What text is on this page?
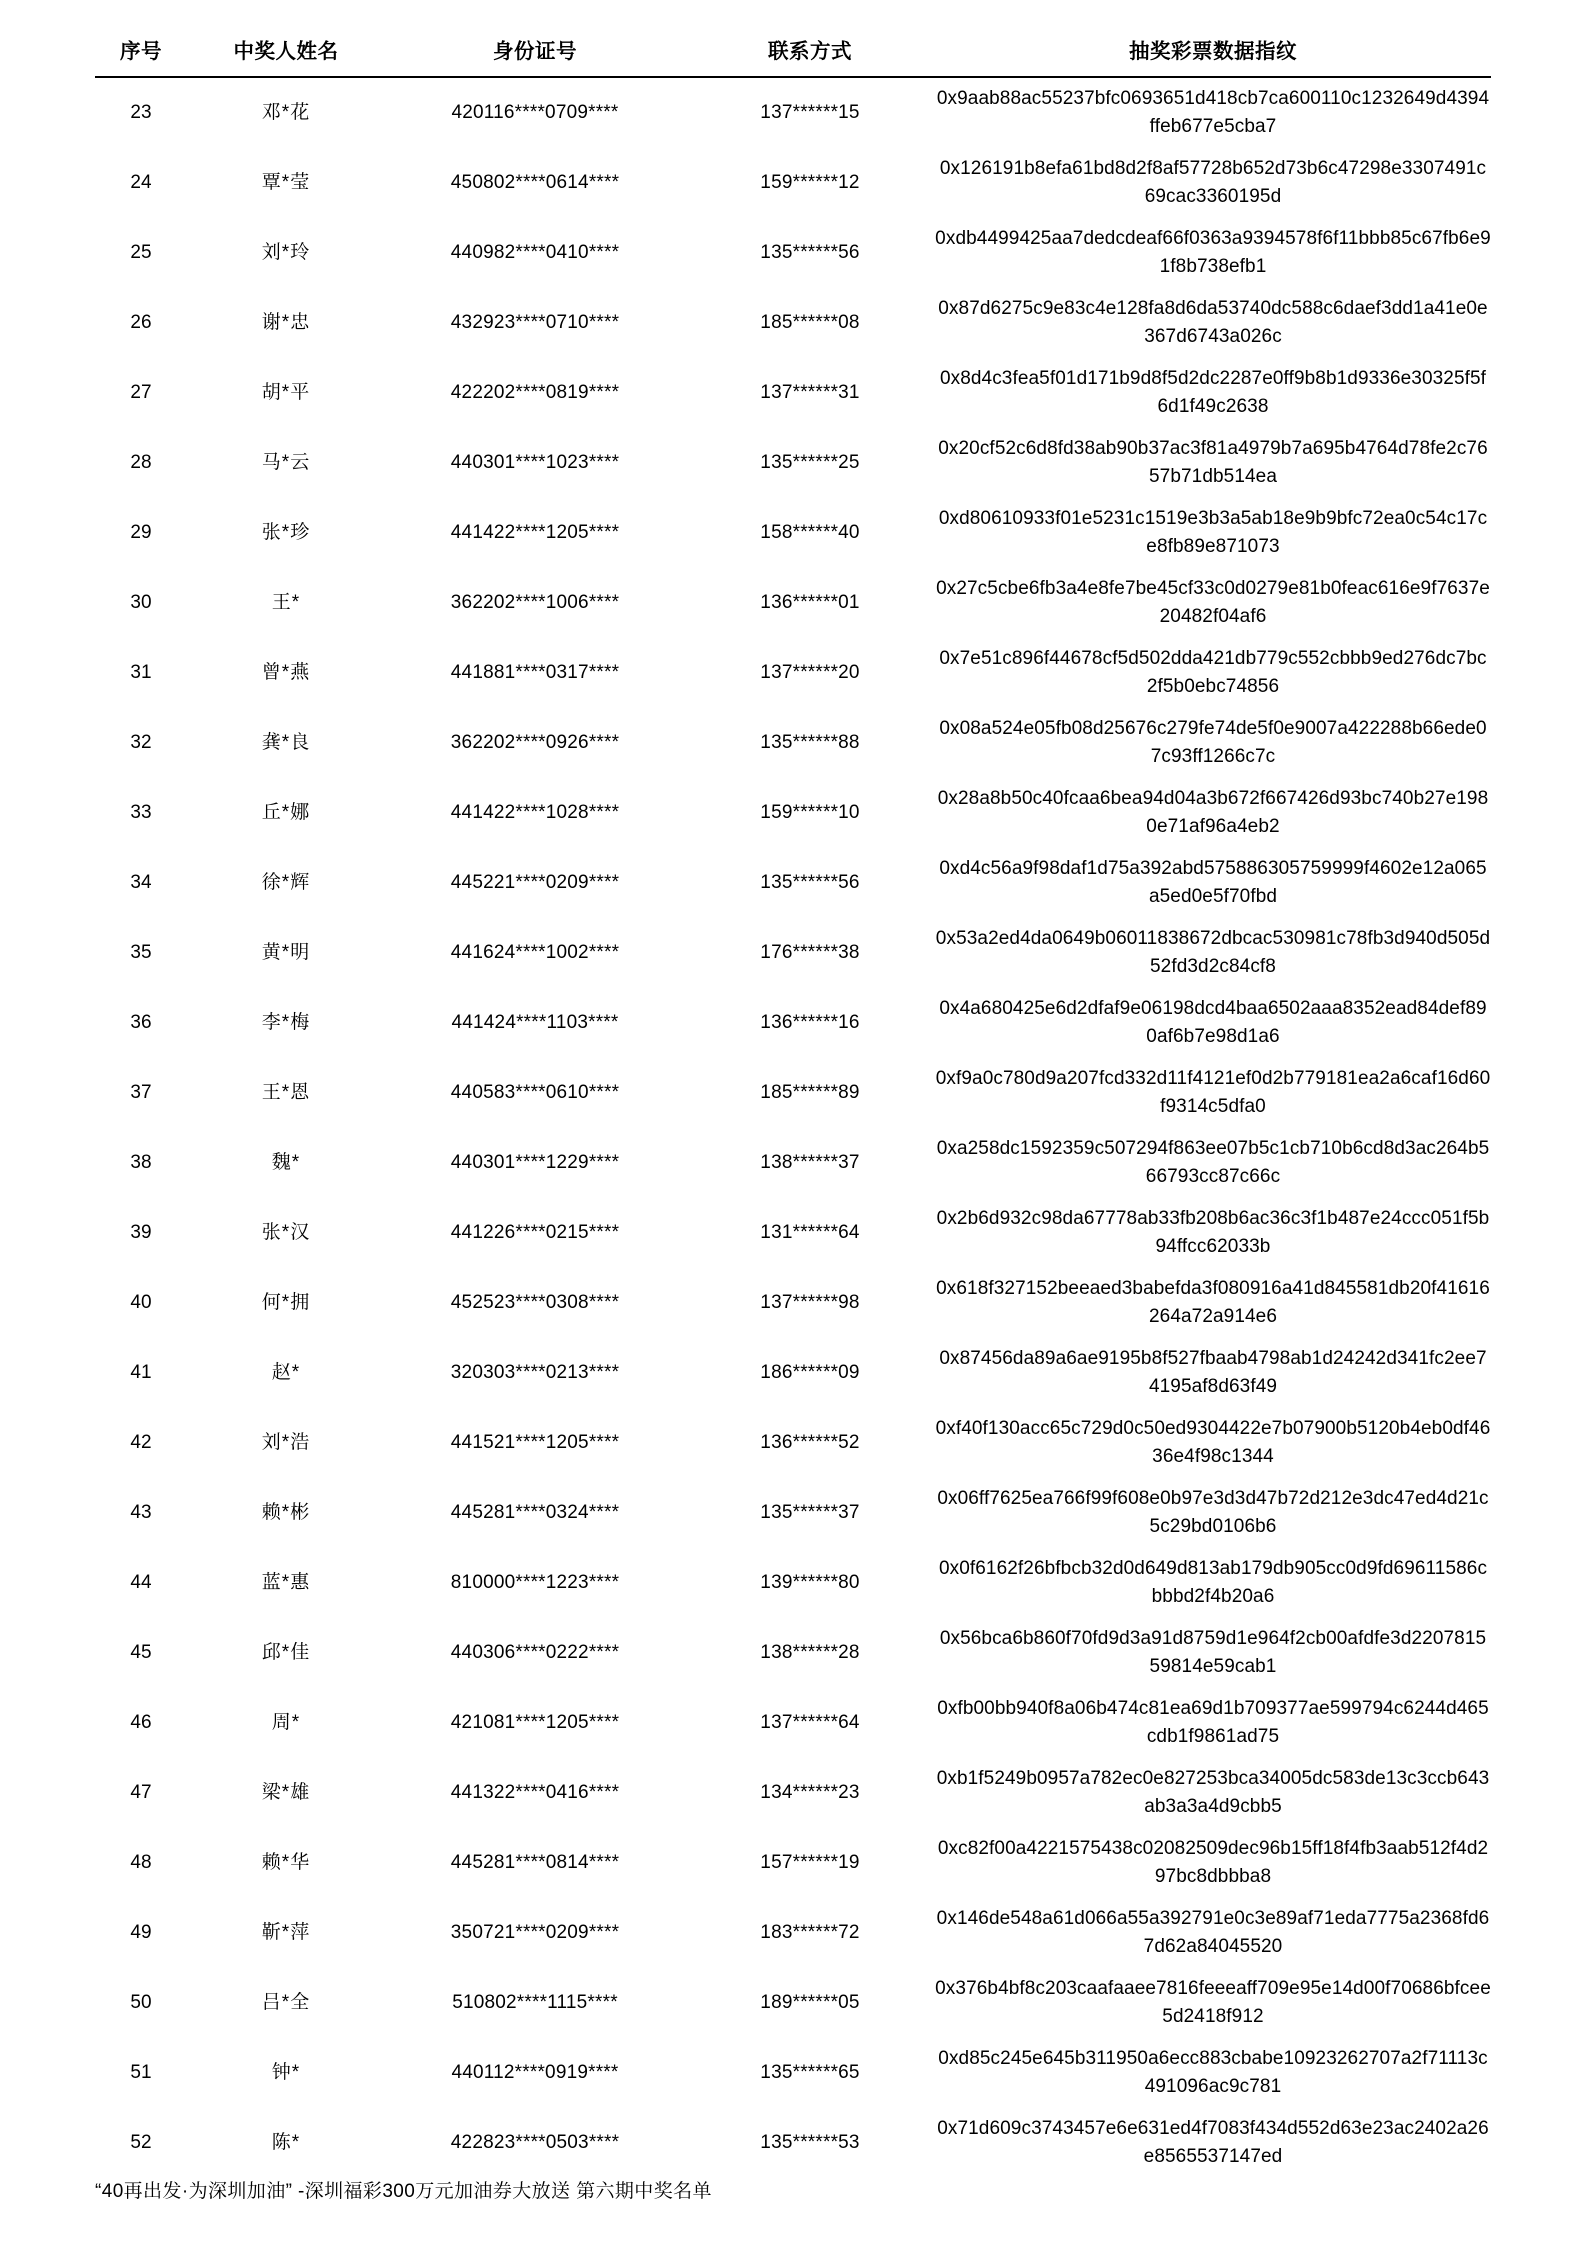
序号	中奖人姓名	身份证号	联系方式	抽奖彩票数据指纹
23	邓*花	420116****0709****	137******15	0x9aab88ac55237bfc0693651d418cb7ca600110c1232649d4394ffeb677e5cba7

24	覃*莹	450802****0614****	159******12	0x126191b8efa61bd8d2f8af57728b652d73b6c47298e3307491c69cac3360195d

25	刘*玲	440982****0410****	135******56	0xdb4499425aa7dedcdeaf66f0363a9394578f6f11bbb85c67fb6e91f8b738efb1

26	谢*忠	432923****0710****	185******08	0x87d6275c9e83c4e128fa8d6da53740dc588c6daef3dd1a41e0e367d6743a026c

27	胡*平	422202****0819****	137******31	0x8d4c3fea5f01d171b9d8f5d2dc2287e0ff9b8b1d9336e30325f5f6d1f49c2638

28	马*云	440301****1023****	135******25	0x20cf52c6d8fd38ab90b37ac3f81a4979b7a695b4764d78fe2c7657b71db514ea

29	张*珍	441422****1205****	158******40	0xd80610933f01e5231c1519e3b3a5ab18e9b9bfc72ea0c54c17ce8fb89e871073

30	王*	362202****1006****	136******01	0x27c5cbe6fb3a4e8fe7be45cf33c0d0279e81b0feac616e9f7637e20482f04af6

31	曾*燕	441881****0317****	137******20	0x7e51c896f44678cf5d502dda421db779c552cbbb9ed276dc7bc2f5b0ebc74856

32	龚*良	362202****0926****	135******88	0x08a524e05fb08d25676c279fe74de5f0e9007a422288b66ede07c93ff1266c7c

33	丘*娜	441422****1028****	159******10	0x28a8b50c40fcaa6bea94d04a3b672f667426d93bc740b27e1980e71af96a4eb2

34	徐*辉	445221****0209****	135******56	0xd4c56a9f98daf1d75a392abd575886305759999f4602e12a065a5ed0e5f70fbd

35	黄*明	441624****1002****	176******38	0x53a2ed4da0649b06011838672dbcac530981c78fb3d940d505d52fd3d2c84cf8

36	李*梅	441424****1103****	136******16	0x4a680425e6d2dfaf9e06198dcd4baa6502aaa8352ead84def890af6b7e98d1a6

37	王*恩	440583****0610****	185******89	0xf9a0c780d9a207fcd332d11f4121ef0d2b779181ea2a6caf16d60f9314c5dfa0

38	魏*	440301****1229****	138******37	0xa258dc1592359c507294f863ee07b5c1cb710b6cd8d3ac264b566793cc87c66c

39	张*汉	441226****0215****	131******64	0x2b6d932c98da67778ab33fb208b6ac36c3f1b487e24ccc051f5b94ffcc62033b

40	何*拥	452523****0308****	137******98	0x618f327152beeaed3babefda3f080916a41d845581db20f41616264a72a914e6

41	赵*	320303****0213****	186******09	0x87456da89a6ae9195b8f527fbaab4798ab1d24242d341fc2ee74195af8d63f49

42	刘*浩	441521****1205****	136******52	0xf40f130acc65c729d0c50ed9304422e7b07900b5120b4eb0df4636e4f98c1344

43	赖*彬	445281****0324****	135******37	0x06ff7625ea766f99f608e0b97e3d3d47b72d212e3dc47ed4d21c5c29bd0106b6

44	蓝*惠	810000****1223****	139******80	0x0f6162f26bfbcb32d0d649d813ab179db905cc0d9fd69611586cbbbd2f4b20a6

45	邱*佳	440306****0222****	138******28	0x56bca6b860f70fd9d3a91d8759d1e964f2cb00afdfe3d220781559814e59cab1

46	周*	421081****1205****	137******64	0xfb00bb940f8a06b474c81ea69d1b709377ae599794c6244d465cdb1f9861ad75

47	梁*雄	441322****0416****	134******23	0xb1f5249b0957a782ec0e827253bca34005dc583de13c3ccb643ab3a3a4d9cbb5

48	赖*华	445281****0814****	157******19	0xc82f00a4221575438c02082509dec96b15ff18f4fb3aab512f4d297bc8dbbba8

49	靳*萍	350721****0209****	183******72	0x146de548a61d066a55a392791e0c3e89af71eda7775a2368fd67d62a84045520

50	吕*全	510802****1115****	189******05	0x376b4bf8c203caafaaee7816feeeaff709e95e14d00f70686bfcee5d2418f912

51	钟*	440112****0919****	135******65	0xd85c245e645b311950a6ecc883cbabe10923262707a2f71113c491096ac9c781

52	陈*	422823****0503****	135******53	0x71d609c3743457e6e631ed4f7083f434d552d63e23ac2402a26e8565537147ed
“40再出发·为深圳加油” -深圳福彩300万元加油券大放送 第六期中奖名单
